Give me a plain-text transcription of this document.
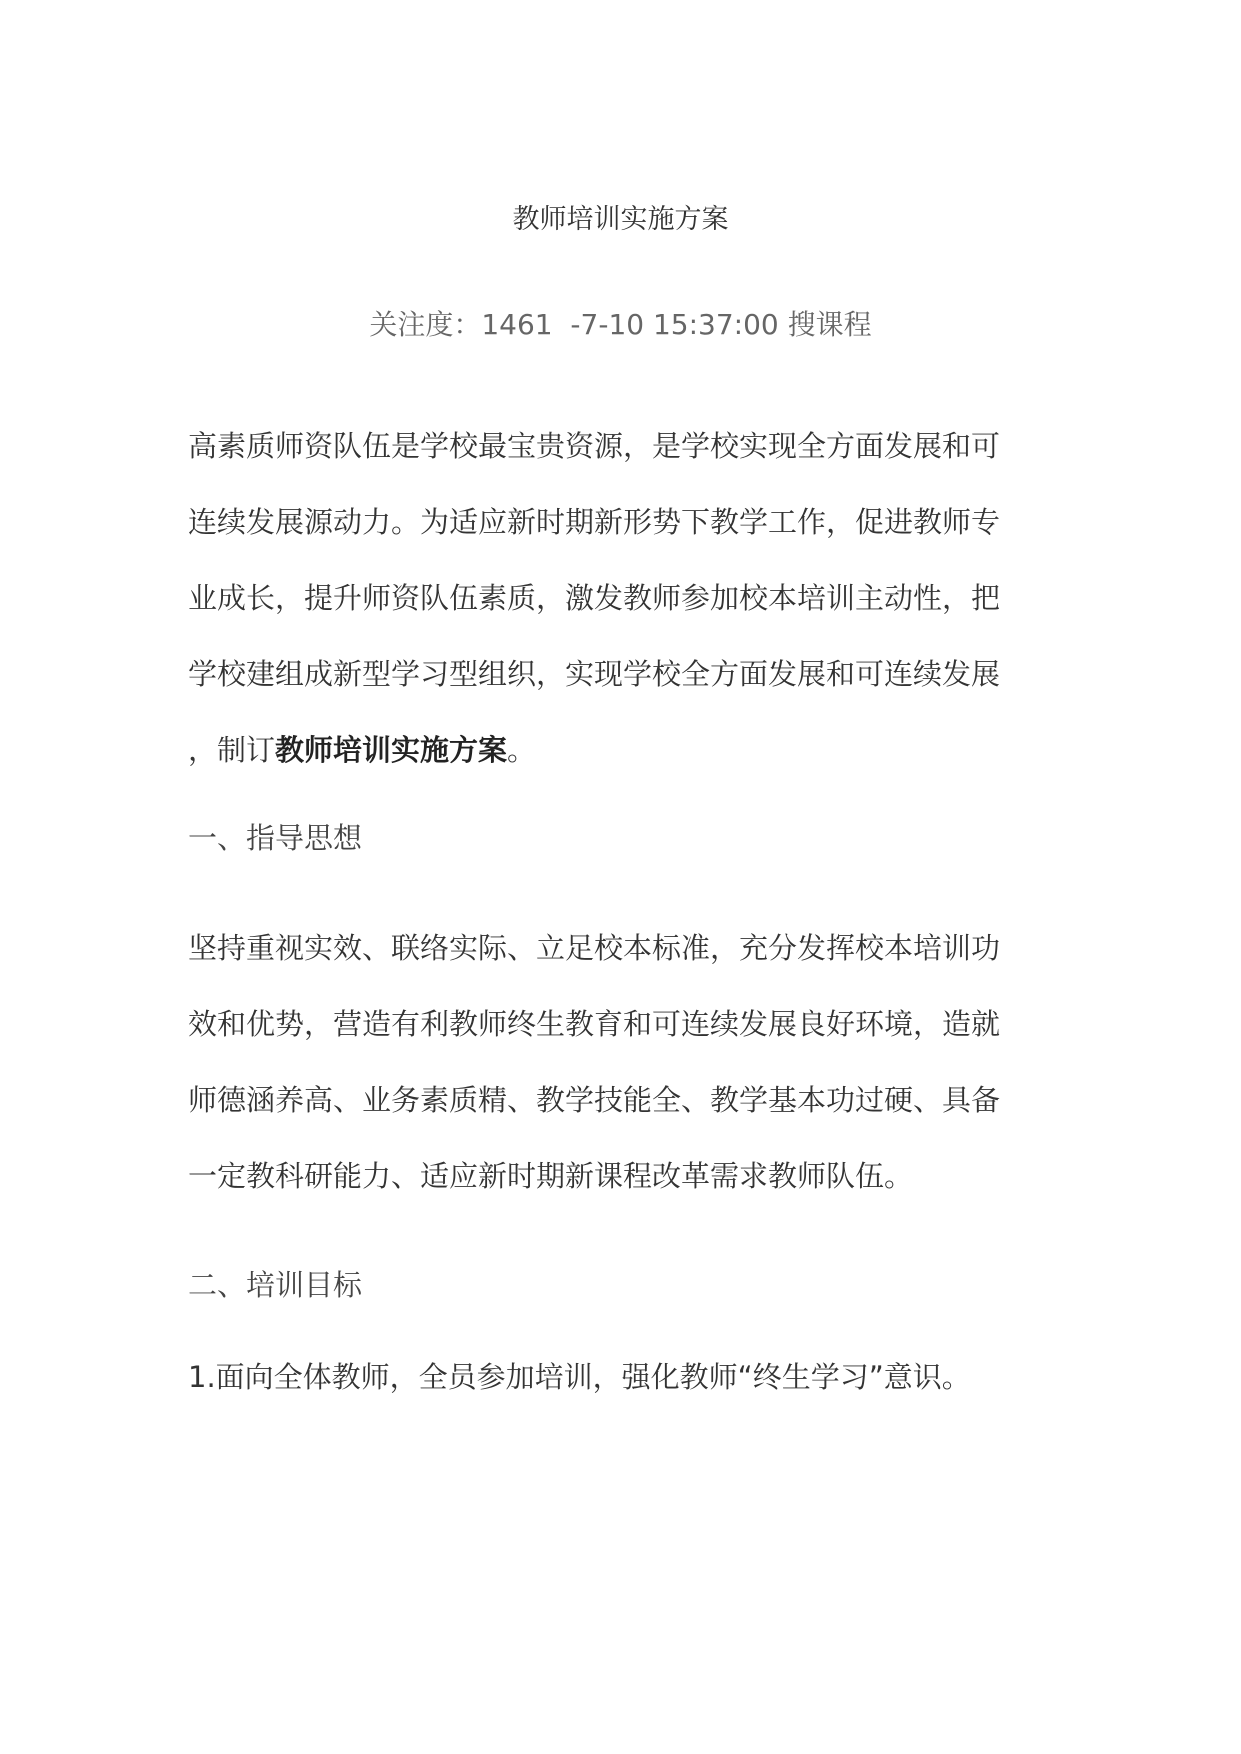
教师培训实施方案
关注度：1461  -7-10 15:37:00 搜课程
高素质师资队伍是学校最宝贵资源，是学校实现全方面发展和可
连续发展源动力。为适应新时期新形势下教学工作，促进教师专
业成长，提升师资队伍素质，激发教师参加校本培训主动性，把
学校建组成新型学习型组织，实现学校全方面发展和可连续发展
，制订教师培训实施方案。
一、指导思想
坚持重视实效、联络实际、立足校本标准，充分发挥校本培训功
效和优势，营造有利教师终生教育和可连续发展良好环境，造就
师德涵养高、业务素质精、教学技能全、教学基本功过硬、具备
一定教科研能力、适应新时期新课程改革需求教师队伍。
二、培训目标
1.面向全体教师，全员参加培训，强化教师“终生学习”意识。
